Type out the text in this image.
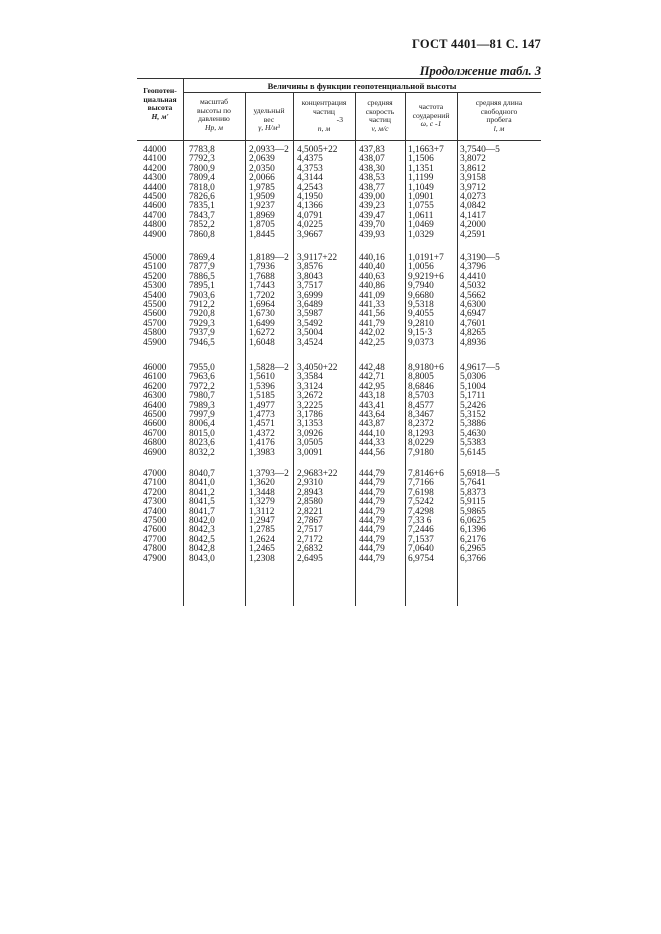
ГОСТ 4401—81 С. 147
Продолжение табл. 3
Величины в функции геопотенциальной высоты
Геопотен-
циальная
высота
H, м'
масштаб
высоты по
давлению
Hp, м
удельный
вес
γ, Н/м³
концентрация
частиц
-3
n, м
средняя
скорость
частиц
v, м/с
частота
соударений
ω, с -1
средняя длина
свободного
пробега
l, м
44000 7783,8	2,0933—2 4,5005+22 437,83 1,1663+7 3,7540—5
44100 7792,3	2,0639 4,4375	438,07 1,1506	3,8072
44200 7800,9	2,0350 4,3753	438,30 1,1351	3,8612
44300 7809,4	2,0066 4,3144	438,53 1,1199	3,9158
44400 7818,0	1,9785 4,2543	438,77 1,1049	3,9712
44500 7826,6	1,9509 4,1950	439,00 1,0901	4,0273
44600 7835,1	1,9237 4,1366	439,23 1,0755	4,0842
44700 7843,7	1,8969 4,0791	439,47 1,0611	4,1417
44800 7852,2	1,8705 4,0225	439,70 1,0469	4,2000
44900 7860,8	1,8445 3,9667	439,93 1,0329	4,2591
45000 7869,4	1,8189—2 3,9117+22 440,16 1,0191+7 4,3190—5
45100 7877,9	1,7936 3,8576	440,40 1,0056	4,3796
45200 7886,5	1,7688 3,8043	440,63 9,9219+6 4,4410
45300 7895,1	1,7443 3,7517	440,86 9,7940	4,5032
45400 7903,6	1,7202 3,6999	441,09 9,6680	4,5662
45500 7912,2	1,6964 3,6489	441,33 9,5318	4,6300
45600 7920,8	1,6730 3,5987	441,56 9,4055	4,6947
45700 7929,3	1,6499 3,5492	441,79 9,2810	4,7601
45800 7937,9	1,6272 3,5004	442,02 9,15·3	4,8265
45900 7946,5	1,6048 3,4524	442,25 9,0373	4,8936
46000 7955,0	1,5828—2 3,4050+22 442,48 8,9180+6 4,9617—5
46100 7963,6	1,5610 3,3584	442,71 8,8005	5,0306
46200 7972,2	1,5396 3,3124	442,95 8,6846	5,1004
46300 7980,7	1,5185 3,2672	443,18 8,5703	5,1711
46400 7989,3	1,4977 3,2225	443,41 8,4577	5,2426
46500 7997,9	1,4773 3,1786	443,64 8,3467	5,3152
46600 8006,4	1,4571 3,1353	443,87 8,2372	5,3886
46700 8015,0	1,4372 3,0926	444,10 8,1293	5,4630
46800 8023,6	1,4176 3,0505	444,33 8,0229	5,5383
46900 8032,2	1,3983 3,0091	444,56 7,9180	5,6145
47000 8040,7	1,3793—2 2,9683+22 444,79 7,8146+6 5,6918—5
47100 8041,0	1,3620 2,9310	444,79 7,7166	5,7641
47200 8041,2	1,3448 2,8943	444,79 7,6198	5,8373
47300 8041,5	1,3279 2,8580	444,79 7,5242	5,9115
47400 8041,7	1,3112 2,8221	444,79 7,4298	5,9865
47500 8042,0	1,2947 2,7867	444,79 7,33 6	6,0625
47600 8042,3	1,2785 2,7517	444,79 7,2446	6,1396
47700 8042,5	1,2624 2,7172	444,79 7,1537	6,2176
47800 8042,8	1,2465 2,6832	444,79 7,0640	6,2965
47900 8043,0	1,2308 2,6495	444,79 6,9754	6,3766
